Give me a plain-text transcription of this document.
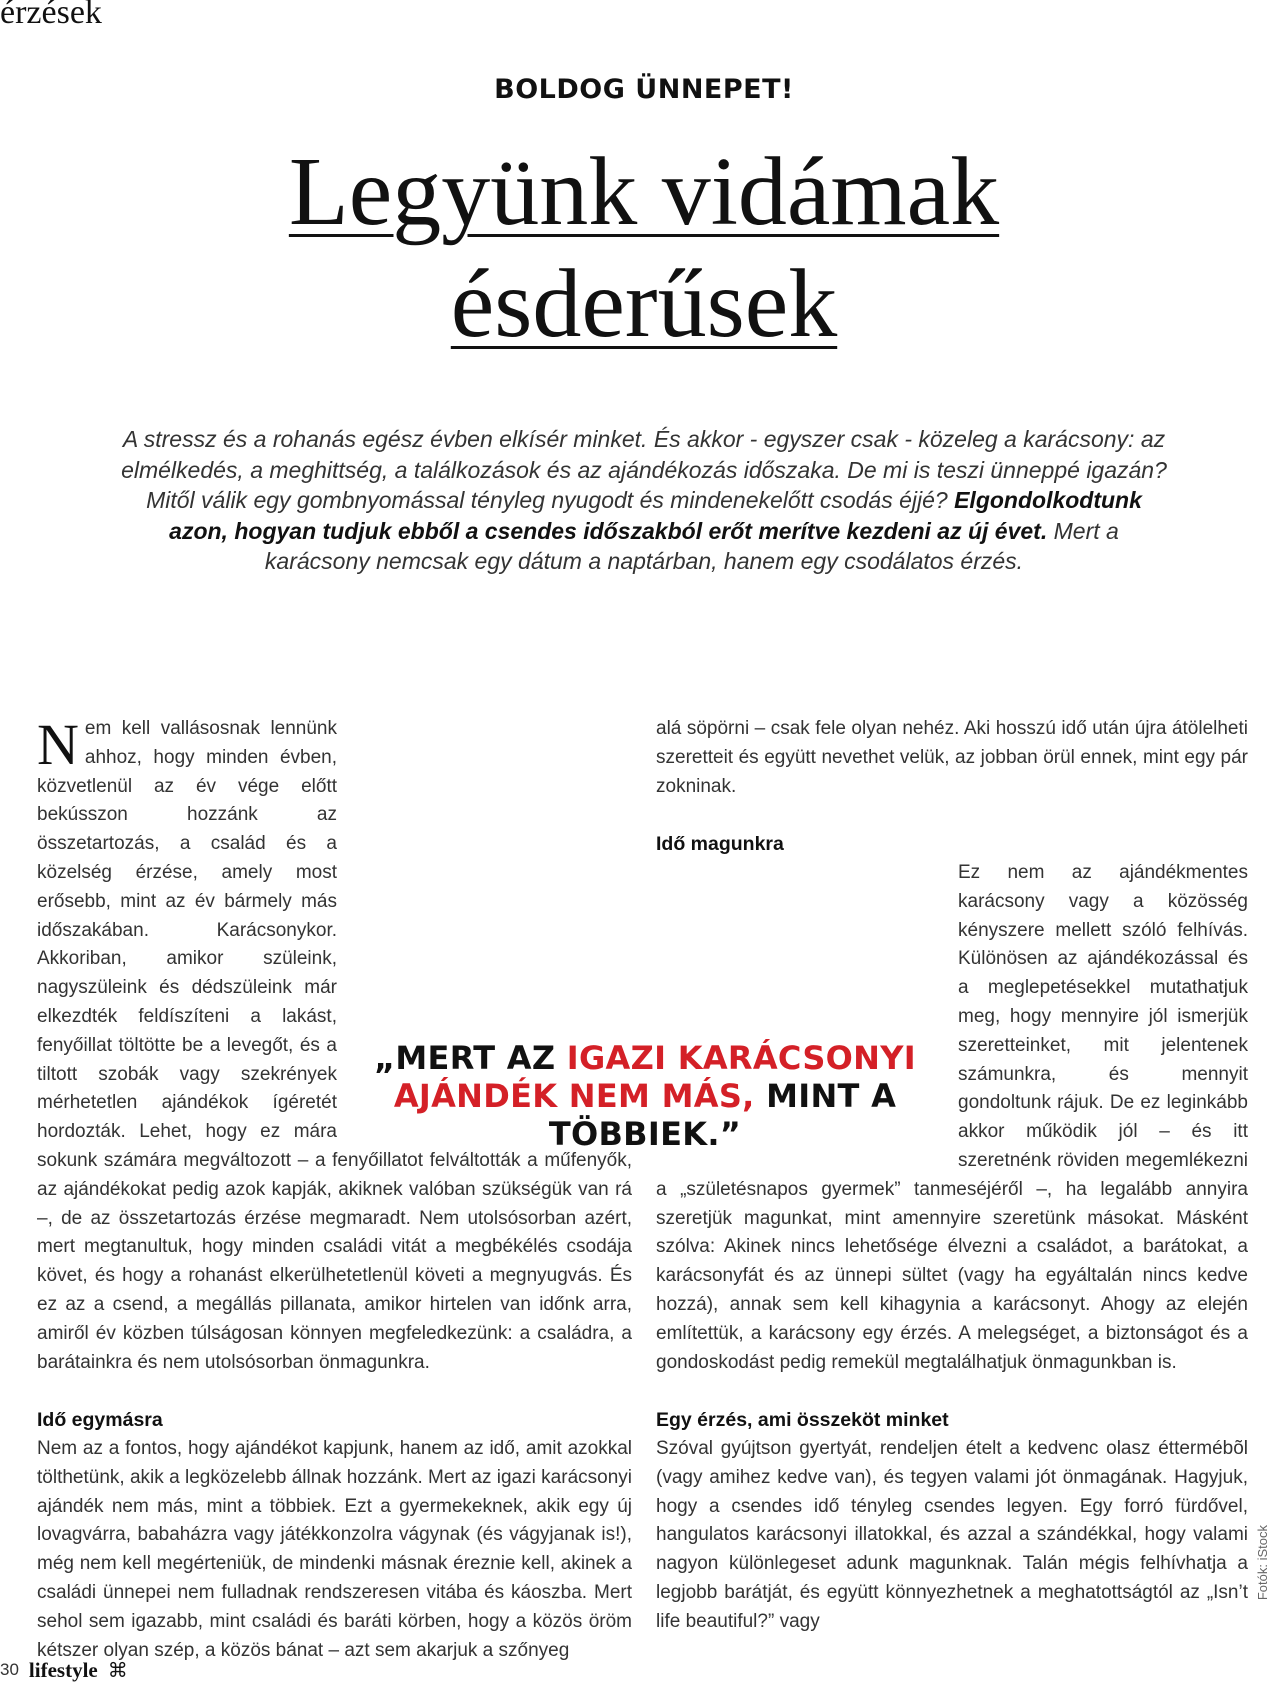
érzések
BOLDOG ÜNNEPET!
Legyünk vidámak
ésderűsek

A stressz és a rohanás egész évben elkísér minket. És akkor - egyszer csak - közeleg a karácsony: az elmélkedés, a meghittség, a találkozások és az ajándékozás időszaka. De mi is teszi ünneppé igazán? Mitől válik egy gombnyomással tényleg nyugodt és mindenekelőtt csodás éjjé? Elgondolkodtunk azon, hogyan tudjuk ebből a csendes időszakból erőt merítve kezdeni az új évet. Mert a karácsony nemcsak egy dátum a naptárban, hanem egy csodálatos érzés.

Nem kell vallásosnak lennünk ahhoz, hogy minden évben, közvetlenül az év vége előtt bekússzon hozzánk az összetartozás, a család és a közelség érzése, amely most erősebb, mint az év bármely más időszakában. Karácsonykor. Akkoriban, amikor szüleink, nagyszüleink és dédszüleink már elkezdték feldíszíteni a lakást, fenyőillat töltötte be a levegőt, és a tiltott szobák vagy szekrények mérhetetlen ajándékok ígéretét hordozták. Lehet, hogy ez mára sokunk számára megváltozott – a fenyőillatot felváltották a műfenyők, az ajándékokat pedig azok kapják, akiknek valóban szükségük van rá –, de az összetartozás érzése megmaradt. Nem utolsósorban azért, mert megtanultuk, hogy minden családi vitát a megbékélés csodája követ, és hogy a rohanást elkerülhetetlenül követi a megnyugvás. És ez az a csend, a megállás pillanata, amikor hirtelen van időnk arra, amiről év közben túlságosan könnyen megfeledkezünk: a családra, a barátainkra és nem utolsósorban önmagunkra.

Idő egymásra

Nem az a fontos, hogy ajándékot kapjunk, hanem az idő, amit azokkal tölthetünk, akik a legközelebb állnak hozzánk. Mert az igazi karácsonyi ajándék nem más, mint a többiek. Ezt a gyermekeknek, akik egy új lovagvárra, babaházra vagy játékkonzolra vágynak (és vágyjanak is!), még nem kell megérteniük, de mindenki másnak éreznie kell, akinek a családi ünnepei nem fulladnak rendszeresen vitába és káoszba. Mert sehol sem igazabb, mint családi és baráti körben, hogy a közös öröm kétszer olyan szép, a közös bánat – azt sem akarjuk a szőnyeg

alá söpörni – csak fele olyan nehéz. Aki hosszú idő után újra átölelheti szeretteit és együtt nevethet velük, az jobban örül ennek, mint egy pár zokninak.

Idő magunkra

Ez nem az ajándékmentes karácsony vagy a közösség kényszere mellett szóló felhívás. Különösen az ajándékozással és a meglepetésekkel mutathatjuk meg, hogy mennyire jól ismerjük szeretteinket, mit jelentenek számunkra, és mennyit gondoltunk rájuk. De ez leginkább akkor működik jól – és itt szeretnénk röviden megemlékezni a „születésnapos gyermek” tanmeséjéről –, ha legalább annyira szeretjük magunkat, mint amennyire szeretünk másokat. Másként szólva: Akinek nincs lehetősége élvezni a családot, a barátokat, a karácsonyfát és az ünnepi sültet (vagy ha egyáltalán nincs kedve hozzá), annak sem kell kihagynia a karácsonyt. Ahogy az elején említettük, a karácsony egy érzés. A melegséget, a biztonságot és a gondoskodást pedig remekül megtalálhatjuk önmagunkban is.

Egy érzés, ami összeköt minket

Szóval gyújtson gyertyát, rendeljen ételt a kedvenc olasz éttermébõl (vagy amihez kedve van), és tegyen valami jót önmagának. Hagyjuk, hogy a csendes idő tényleg csendes legyen. Egy forró fürdővel, hangulatos karácsonyi illatokkal, és azzal a szándékkal, hogy valami nagyon különlegeset adunk magunknak. Talán mégis felhívhatja a legjobb barátját, és együtt könnyezhetnek a meghatottságtól az „Isn’t life beautiful?” vagy

„MERT AZ IGAZI KARÁCSONYI AJÁNDÉK NEM MÁS, MINT A TÖBBIEK.”

Fotók: iStock
30 lifestyle ⌘
